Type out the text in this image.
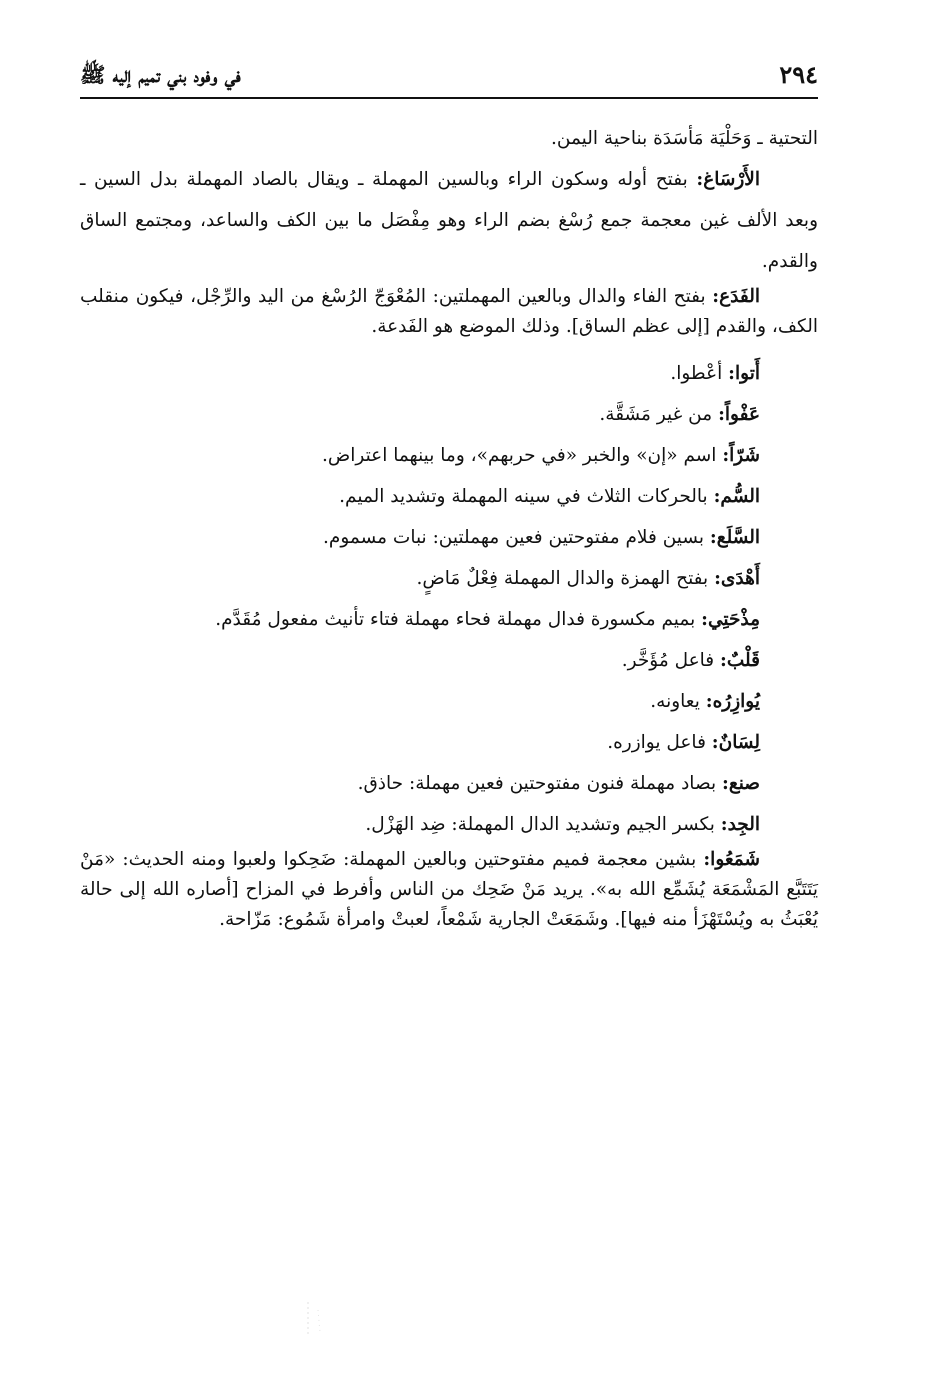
٢٩٤
في وفود بني تميم إليه ﷺ

التحتية ـ وَحَلْيَة مَأسَدَة بناحية اليمن.

الأَرْسَاغ: بفتح أوله وسكون الراء وبالسين المهملة ـ ويقال بالصاد المهملة بدل السين ـ وبعد الألف غين معجمة جمع رُسْغ بضم الراء وهو مِفْصَل ما بين الكف والساعد، ومجتمع الساق والقدم.

الفَدَع: بفتح الفاء والدال وبالعين المهملتين: المُعْوَجّ الرُسْغ من اليد والرِّجْل، فيكون منقلب الكف، والقدم [إلى عظم الساق]. وذلك الموضع هو الفَدعة.

أَتوا: أعْطوا.

عَفْواً: من غير مَشَقَّة.

شَرّاً: اسم «إن» والخبر «في حربهم»، وما بينهما اعتراض.

السُّم: بالحركات الثلاث في سينه المهملة وتشديد الميم.

السَّلَع: بسين فلام مفتوحتين فعين مهملتين: نبات مسموم.

أَهْدَى: بفتح الهمزة والدال المهملة فِعْلٌ مَاضٍ.

مِذْحَتِي: بميم مكسورة فدال مهملة فحاء مهملة فتاء تأنيث مفعول مُقَدَّم.

قَلْبٌ: فاعل مُؤَخَّر.

يُوازِرُه: يعاونه.

لِسَانٌ: فاعل يوازره.

صنع: بصاد مهملة فنون مفتوحتين فعين مهملة: حاذق.

الجِد: بكسر الجيم وتشديد الدال المهملة: ضِد الهَزْل.

شَمَعُوا: بشين معجمة فميم مفتوحتين وبالعين المهملة: ضَحِكوا ولعبوا ومنه الحديث: «مَنْ يَتَتَبَّع المَشْمَعَة يُشَمِّع الله به». يريد مَنْ ضَحِك من الناس وأفرط في المزاح [أصاره الله إلى حالة يُعْبَثُ به ويُسْتَهْزَأ منه فيها]. وشَمَعَتْ الجارية شَمْعاً، لعبتْ وامرأة شَمُوع: مَزّاحة.
